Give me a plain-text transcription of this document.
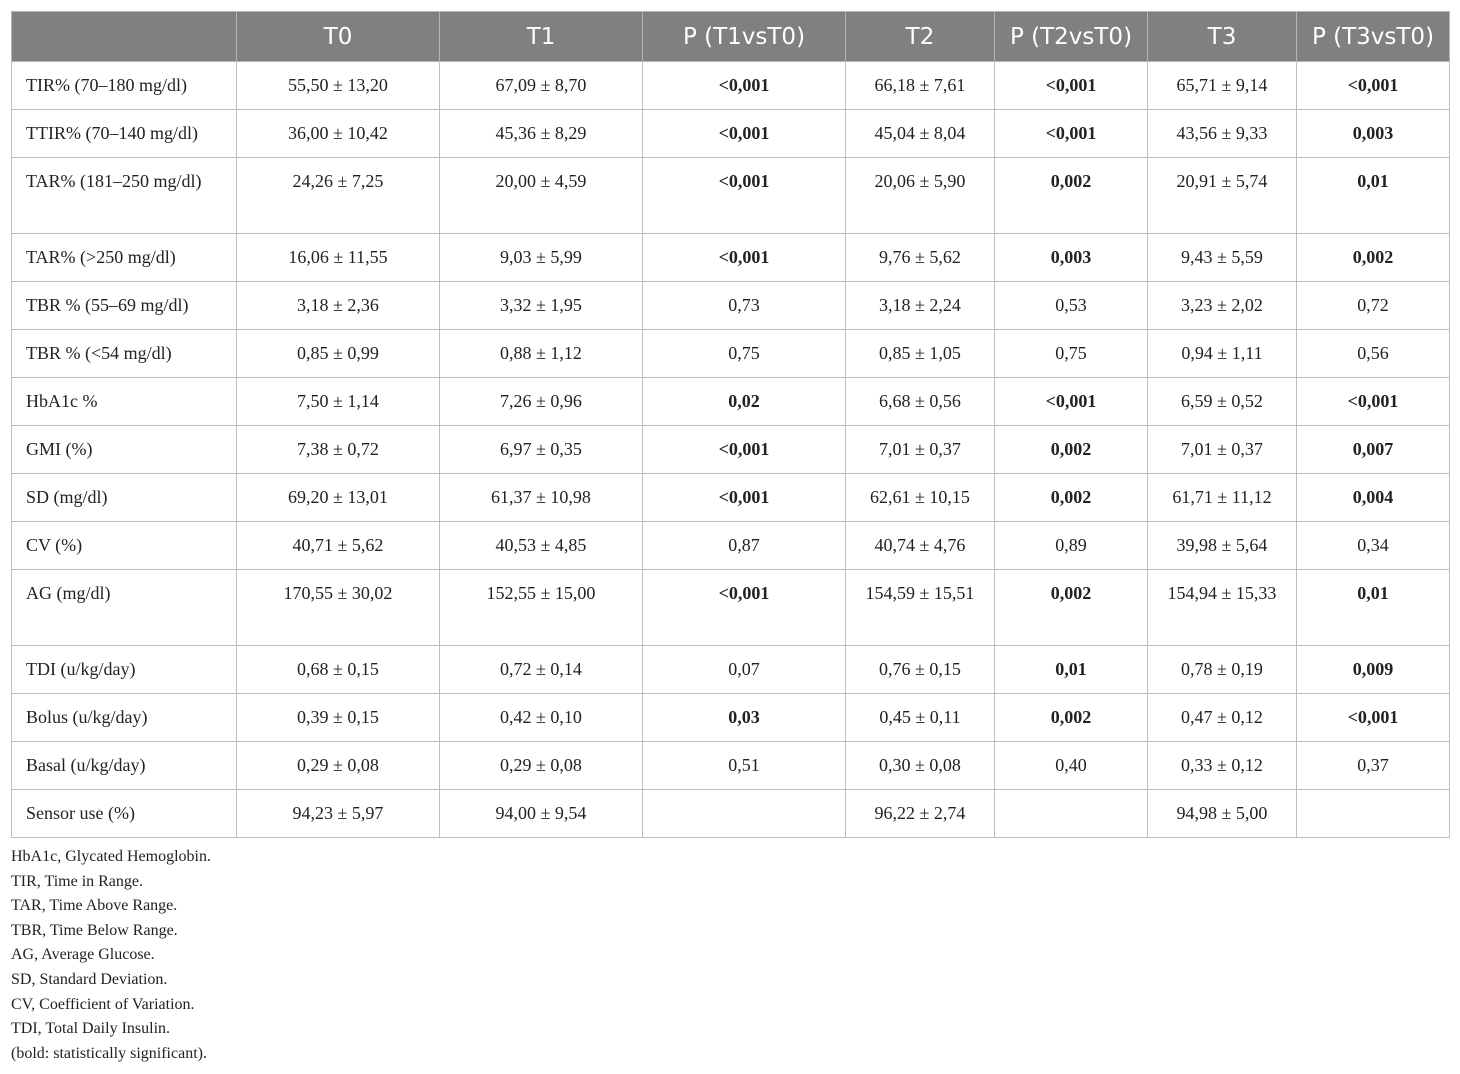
	T0	T1	P (T1vsT0)	T2	P (T2vsT0)	T3	P (T3vsT0)
TIR% (70–180 mg/dl)	55,50 ± 13,20	67,09 ± 8,70	<0,001	66,18 ± 7,61	<0,001	65,71 ± 9,14	<0,001
TTIR% (70–140 mg/dl)	36,00 ± 10,42	45,36 ± 8,29	<0,001	45,04 ± 8,04	<0,001	43,56 ± 9,33	0,003
TAR% (181–250 mg/dl)	24,26 ± 7,25	20,00 ± 4,59	<0,001	20,06 ± 5,90	0,002	20,91 ± 5,74	0,01
TAR% (>250 mg/dl)	16,06 ± 11,55	9,03 ± 5,99	<0,001	9,76 ± 5,62	0,003	9,43 ± 5,59	0,002
TBR % (55–69 mg/dl)	3,18 ± 2,36	3,32 ± 1,95	0,73	3,18 ± 2,24	0,53	3,23 ± 2,02	0,72
TBR % (<54 mg/dl)	0,85 ± 0,99	0,88 ± 1,12	0,75	0,85 ± 1,05	0,75	0,94 ± 1,11	0,56
HbA1c %	7,50 ± 1,14	7,26 ± 0,96	0,02	6,68 ± 0,56	<0,001	6,59 ± 0,52	<0,001
GMI (%)	7,38 ± 0,72	6,97 ± 0,35	<0,001	7,01 ± 0,37	0,002	7,01 ± 0,37	0,007
SD (mg/dl)	69,20 ± 13,01	61,37 ± 10,98	<0,001	62,61 ± 10,15	0,002	61,71 ± 11,12	0,004
CV (%)	40,71 ± 5,62	40,53 ± 4,85	0,87	40,74 ± 4,76	0,89	39,98 ± 5,64	0,34
AG (mg/dl)	170,55 ± 30,02	152,55 ± 15,00	<0,001	154,59 ± 15,51	0,002	154,94 ± 15,33	0,01
TDI (u/kg/day)	0,68 ± 0,15	0,72 ± 0,14	0,07	0,76 ± 0,15	0,01	0,78 ± 0,19	0,009
Bolus (u/kg/day)	0,39 ± 0,15	0,42 ± 0,10	0,03	0,45 ± 0,11	0,002	0,47 ± 0,12	<0,001
Basal (u/kg/day)	0,29 ± 0,08	0,29 ± 0,08	0,51	0,30 ± 0,08	0,40	0,33 ± 0,12	0,37
Sensor use (%)	94,23 ± 5,97	94,00 ± 9,54		96,22 ± 2,74		94,98 ± 5,00	
HbA1c, Glycated Hemoglobin.
TIR, Time in Range.
TAR, Time Above Range.
TBR, Time Below Range.
AG, Average Glucose.
SD, Standard Deviation.
CV, Coefficient of Variation.
TDI, Total Daily Insulin.
(bold: statistically significant).
